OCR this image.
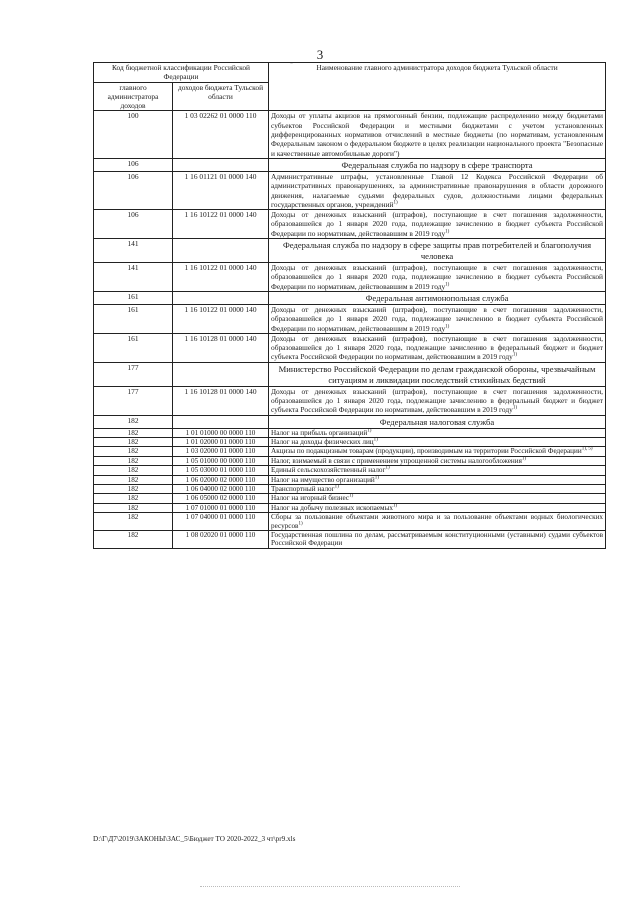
3
-
Код бюджетной классификации Российской Федерации		Наименование главного администратора доходов бюджета Тульской области
главного администратора доходов	доходов бюджета Тульской области	
100	1 03 02262 01 0000 110	Доходы от уплаты акцизов на прямогонный бензин, подлежащие распределению между бюджетами субъектов Российской Федерации и местными бюджетами с учетом установленных дифференцированных нормативов отчислений в местные бюджеты (по нормативам, установленным Федеральным законом о федеральном бюджете в целях реализации национального проекта "Безопасные и качественные автомобильные дороги")
106		Федеральная служба по надзору в сфере транспорта
106	1 16 01121 01 0000 140	Административные штрафы, установленные Главой 12 Кодекса Российской Федерации об административных правонарушениях, за административные правонарушения в области дорожного движения, налагаемые судьями федеральных судов, должностными лицами федеральных государственных органов, учреждений$^{1)}$
106	1 16 10122 01 0000 140	Доходы от денежных взысканий (штрафов), поступающие в счет погашения задолженности, образовавшейся до 1 января 2020 года, подлежащие зачислению в бюджет субъекта Российской Федерации по нормативам, действовавшим в 2019 году$^{1)}$
141		Федеральная служба по надзору в сфере защиты прав потребителей и благополучия человека
141	1 16 10122 01 0000 140	Доходы от денежных взысканий (штрафов), поступающие в счет погашения задолженности, образовавшейся до 1 января 2020 года, подлежащие зачислению в бюджет субъекта Российской Федерации по нормативам, действовавшим в 2019 году$^{1)}$
161		Федеральная антимонопольная служба
161	1 16 10122 01 0000 140	Доходы от денежных взысканий (штрафов), поступающие в счет погашения задолженности, образовавшейся до 1 января 2020 года, подлежащие зачислению в бюджет субъекта Российской Федерации по нормативам, действовавшим в 2019 году$^{1)}$
161	1 16 10128 01 0000 140	Доходы от денежных взысканий (штрафов), поступающие в счет погашения задолженности, образовавшейся до 1 января 2020 года, подлежащие зачислению в федеральный бюджет и бюджет субъекта Российской Федерации по нормативам, действовавшим в 2019 году$^{1)}$
177		Министерство Российской Федерации по делам гражданской обороны, чрезвычайным ситуациям и ликвидации последствий стихийных бедствий
177	1 16 10128 01 0000 140	Доходы от денежных взысканий (штрафов), поступающие в счет погашения задолженности, образовавшейся до 1 января 2020 года, подлежащие зачислению в федеральный бюджет и бюджет субъекта Российской Федерации по нормативам, действовавшим в 2019 году$^{1)}$
182		Федеральная налоговая служба
182	1 01 01000 00 0000 110	Налог на прибыль организаций$^{1)}$
182	1 01 02000 01 0000 110	Налог на доходы физических лиц$^{1)}$
182	1 03 02000 01 0000 110	Акцизы по подакцизным товарам (продукции), производимым на территории Российской Федерации$^{1), 5)}$
182	1 05 01000 00 0000 110	Налог, взимаемый в связи с применением упрощенной системы налогообложения$^{1)}$
182	1 05 03000 01 0000 110	Единый сельскохозяйственный налог$^{1)}$
182	1 06 02000 02 0000 110	Налог на имущество организаций$^{1)}$
182	1 06 04000 02 0000 110	Транспортный налог$^{1)}$
182	1 06 05000 02 0000 110	Налог на игорный бизнес$^{1)}$
182	1 07 01000 01 0000 110	Налог на добычу полезных ископаемых$^{1)}$
182	1 07 04000 01 0000 110	Сборы за пользование объектами животного мира и за пользование объектами водных биологических ресурсов$^{1)}$
182	1 08 02020 01 0000 110	Государственная пошлина по делам, рассматриваемым конституционными (уставными) судами субъектов Российской Федерации
D:\Г\Д7\2019\ЗАКОНЫ\ЗАС_5\Бюджет ТО 2020-2022_3 чт\pr9.xls
